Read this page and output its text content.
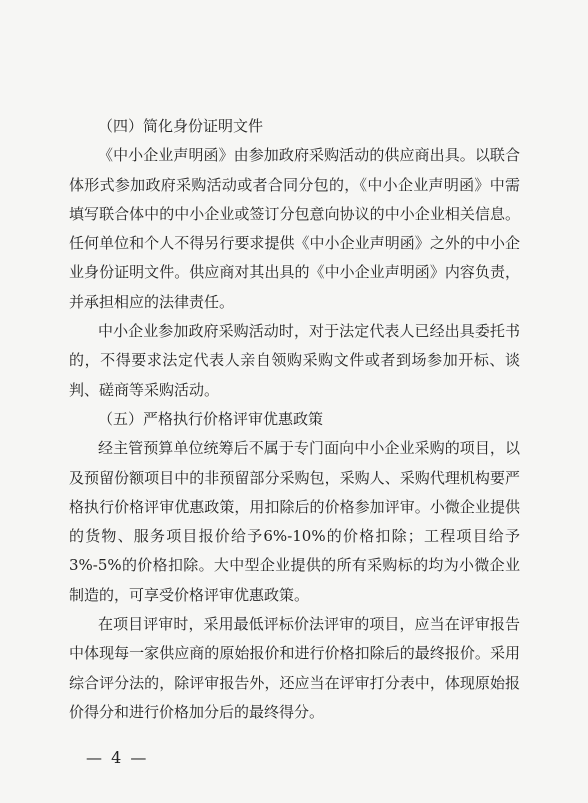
（四）简化身份证明文件

《中小企业声明函》由参加政府采购活动的供应商出具。以联合体形式参加政府采购活动或者合同分包的，《中小企业声明函》中需填写联合体中的中小企业或签订分包意向协议的中小企业相关信息。任何单位和个人不得另行要求提供《中小企业声明函》之外的中小企业身份证明文件。供应商对其出具的《中小企业声明函》内容负责，并承担相应的法律责任。

中小企业参加政府采购活动时，对于法定代表人已经出具委托书的，不得要求法定代表人亲自领购采购文件或者到场参加开标、谈判、磋商等采购活动。

（五）严格执行价格评审优惠政策

经主管预算单位统筹后不属于专门面向中小企业采购的项目，以及预留份额项目中的非预留部分采购包，采购人、采购代理机构要严格执行价格评审优惠政策，用扣除后的价格参加评审。小微企业提供的货物、服务项目报价给予6%-10%的价格扣除；工程项目给予3%-5%的价格扣除。大中型企业提供的所有采购标的均为小微企业制造的，可享受价格评审优惠政策。

在项目评审时，采用最低评标价法评审的项目，应当在评审报告中体现每一家供应商的原始报价和进行价格扣除后的最终报价。采用综合评分法的，除评审报告外，还应当在评审打分表中，体现原始报价得分和进行价格加分后的最终得分。

— 4 —
